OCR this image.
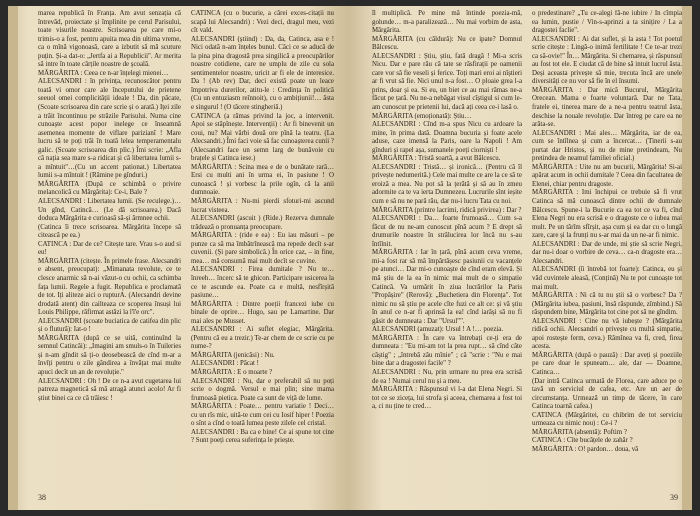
marea republică în Franța. Am avut senzația că întrevăd, proiectate și împlinite pe cerul Parisului, toate visurile noastre. Scrisoarea pe care mi-o trimis-o a fost, pentru apuita mea din ultima vreme, ca o mînă vigonoasă, care a izbutit să mă scuture puțin. Și-a dat-o: „Jertfa ai a Republicii". Ar merita să intre în toate cărțile noastre de școală.

MĂRGĂRITA : Ceea ce n-ar înțelegi mienei…

ALECSANDRI : în privința, recunoscător pentru toată vi omor care ale începutului de prietene seeuol omei complicității ideale ! Da, din păcate, (Scoate scrisoarea din care scrie și o arată.) Iței zile a trăit încontinuu pe străzile Parisului. Numa cine cunoaște acest popor inelege ce înseamnă asemenea momente de viflare parizianî ! Mare lucru să te poți trăi în toată lelea temperamentalu galic. (Scoate scrisoarea din plic.) Îmi scrie: „Afla că nația sea mare s-a ridicat și că libertatea lumii s-a mîntuit"…(Cu un accent pationat.) Libertatea lumii s-a mîntuit ! (Rămine pe gînduri.)

MĂRGĂRITA (După ce schimbă o privire melancolică cu Mărgărita): Ce-i, Bale ?

ALECSANDRI : Libertatea lumii. (Se reculege.)… Un gînd, Catincă… (Le dă scrisoarea.) Dacă doduca Mărgărita e curioasă să-și ărmnee ochii.

(Catinca îi trece scrisoarea. Mărgărita începe să citească pe ea.)

CATINCA : Dar de ce? Citește tare. Vrau s-o aud si eu!

MĂRGĂRITA (citește. În primele frase. Alecsandri e absent, preocupat): „Mimanata revolute, ce te clesce anarmic să n-ai văzut-o cu ochii, ca schimba fața lumii. Regele a fugit. Republica e proclamată de tot. Iți aliteze aici o rupturA. (Alecsandri devine drodată atent) din cailteaza ce scoperea însuși lui Louis Philippe, răfirmat astăzi la l'l'e orc".

ALECSANDRI (scoate buciatica de catifea din plic și o flutură): Iat-o !

MĂRGĂRITA (după ce se uită, continuînd la semnul Catincăi): „Imagini am smuls-o în Tuileries și n-am gîndit să ți-o deosebească de cînd m-ar a învîți pentru o zile gândirea a învățat mai multe apuci decît un an de revoluție."

ALECSANDRI : Oh ! De ce n-a avut cugetarea lui patreza magnetică să mă atragă atunci acolo! Ar fi știut binei ca ce că trăiesc !

CATINCA (cu o bucurie, a cărei exces-citații nu scapă lui Alecsandri) : Vezi deci, dragul meu, vezi cît vald.

ALECSANDRI (știind) : Da, da, Catinca, asa e ! Nici odată n-am înțeles bunul. Căci ce se aducă de la pina pina dragostă prea singilică a preocupărilor noastre cotidiene, care ne umplu de zile cu sola sentimentelor noastre, uricit ar fi ele de interesice. Da ! (Ab rev) Dar, deci există poate un leace împotriva durerilor, atitu-le : Credința în politică (Cu un entuziasm reînnoit), cu o ambițiunii!… ăsta e singurul ! (O tăcere stingheriă.)

CATINCA (a rămas privind la joc, a intervenit. Apoi se stăpînește. Intervenții) : Ar fi binevenit un coui, nu? Mai vărbi două ore pînă la teatru. (La Alecsandri.) Îmi faci voie să fac cunoașterea cunii ?

(Alecsandri face un semn larg de bunăvoie cu brațele și Catinca iese.)

MĂRGĂRITA : Scina mea e de o bunătate rară… Ersi cu multi ani în urma ei, în pasiune ! O cunoască ! și vorbesc la prile ogîn, că la anii dumnoaie.

MĂRGĂRITA : Nu-mi pierdi sfoturi-mi ascund lucrat visteea.

ALECSANDRI (ascuit ) (Ride.) Rezerva dumnale trădează o pronuanța preocupare.

MĂRGĂRITA : (ride e ea) : Eu iau măsuri – pe punze ca să ma îmbătrînească ma repede decît s-ar cuvenii. (Și pare simbolică.) În orice caz, – in fine, mea… mă consumă mai mult decît se cuvine.

ALECSANDRI : Firea dumitale ? Nu te… înreeh… încerc să te ghicon. Participare usicerea la ce te ascunde ea. Poate ca e multă, nesfîrșită pasiune…

MĂRGĂRITA : Dintre poeții francezi iube cu binale de oprire… Hugo, sau pe Lamartine. Dar mai ales pe Musset.

ALECSANDRI : Ai suflet elegiac, Mărgărita. (Pentru că eu a trezir.) Te-ar chem de ce scrie cu pe nume-?

MĂRGĂRITA (jenicăsi) : Nu.

ALECSANDRI : Păcat !

MĂRGĂRITA : E o moarte ?

ALECSANDRI : Nu, dar e preferabil să nu poți scrie o dogmă. Versul e mai plin; sine mama frumoasă pietica. Poate ca sunt de viță de lume.

MĂRGĂRITA : Poate… pentru variatie ! Deci… cu un rîs mic, uită-te cum cei cu Iosif hiper ! Poezia o sînt a cînd o toată lumea peste zilele cel cristal.

ALECSANDRI : Ba ca e bine! Ce ai spune tot cine ? Sunt poeți cerea suferința le priește.

38

îl multiplică. Pe mine mă întinde poezia-mă, golunde… m-a paralizează… Nu mai vorbim de asta, Mărgărita.

MĂRGĂRITA (cu căldură): Nu ce ipate? Domnul Bălcescu.

ALECSANDRI : Știu, știu, fată dragă ! Mi-a scris Nicu. Dar e pare rău că tate se răsfirații pe oamenii care vor să fie veseli și ferice. Toți mari eroi ai nîștieri ar fi vrut să fie. Nici unul n-a fost… O ploaie grea l-a prins, doar și ea. Si eu, un biet ce au mai rămas ne-a făcut pe țară. Nu ne-a nebăgat visul cîștigul si cum le-am cunoscut pe prietenii lui, dacă ați ceea ce-i lasă o.

MĂRGĂRITA (emoționată): Știu…

ALECSANDRI : Cînd m-a spus Nicu cu ardoare la mine, în prima dată. Doamna bucuria și foate acele aduse, caze imensă la Paris, oare la Napoli ! Am gînduri și rapel așa, sumanele poeți ciorniști !

MĂRGĂRITA : Tristă soartă, a avut Bălcescu.

ALECSANDRI : Tristă… și ironică… (Pentru că îl privește nedumerită.) Cele mai multe ce are la ce să te eroiză a mea. Nu pot să la țerătă și să au în zmeu adormite ca te va ierta Dumnezeu. Lucrurile sînt ieșite cum e să nu ne pară rău, dar nu-i lucru Tata cu noi.

MĂRGĂRITA (printre lacrimi, ridică privirea) : Dar ?

ALECSANDRI : Da… foarte frumoasă… Cum s-a făcut de nu ne-am cunoscut pînă acum ? E drept să drumurile noastre în strălucirea lor încă nu s-au întîlnit.

MĂRGĂRITA : Iar în țară, pînă acum ceva vreme, mi-a fost rar să mă împărtășesc pasiunii cu vacanțele pe atunci… Dar mi-o cunoaște de cînd eram elevă. Și mă știu de la ea în nimic mai mult de o simpatie Catincă. Va urmărit în ziua lucrărilor la Paris "Propășire" (Rerovă): „Buchetiera din Florența". Tot nimic nu să știu pe acele cîte fuzi ce alt ce: și vă știu în anul ce n-ar fi aprinsă la ea! cînd iarăși să nu fi găsit de dumneata : Dar "Ursul"".

ALECSANDRI (amuzat): Ursul ! A !… poezia.

MĂRGĂRITA : În care va întrebați ce-ți era de dumneata : "Eu mi-am tot la prea rupt… să cînd câte câștig" ; „întrebă zău mînie" ; că "scrie : "Nu e mai bine dar a dragostei facile" ?

ALECSANDRI : Nu, prin urmare nu prea era scrisă de ea ! Numai cerul nu și a meu.

MĂRGĂRITA : Răspunsul vi l-a dat Elena Negri. Si tot ce se ziceța, lui strofa și aceea, chemarea a fost toi a, ci nu ține te cred…

o predestinare? „Tu ce-alegi fă-ne iubire / În cîmpia ea lumin, pustie / Vin-s-aprinzi a ta sinițire / La a dragostei faclie".

ALECSANDRI : Ai dat suflet, și la asta ! Tot poetul scrie citește : Lingă-o inimă fertilitate ! Ce te-ar trezi ca să-ovie!" În… Mărgărita. Si chemarea, și răspunsul au fost tot ele. E ciudat că de bine să intuit lucrul ăsta. Deși aceasta privește să mie, trecuta încă are unele diversități ce nu vor să fie în el însumi.

MĂRGĂRITA : Dar mică Bucurul, Mărgărita Orecean. Mama e foarte voluntară. Dar ne Tata, fratele ei, tinerea mare de a ne-a pentru teatrul ăsta, deschise la nouale revoluție. Dar întreg pe care ea ne arăta-se.

ALECSANDRI : Mai ales… Mărgărita, iar de ea, cum se întîlnea și cum a încercat… (Tinerii s-au purtat dar Hristos, și nu de mine pretindeam, Nu pretindea de neamul familiei oficial.)

MĂRGĂRITA : Uite nu am bucurii, Mărgărita! Si-ai apărat acum in ochii dumitale ? Ceea din facultatea de Elenei, chiar pentru dragoste.

MĂRGĂRITA : Imi închipui ce trebuie să fi vrut Catinca să mă cunoască dintre ochii de dumnale Bălcescu. Spune-i la Bucurie ca ea tot ce va fi, cînd Elena Negri nu era scrisă e o dragoste ce o iubea mai mult. Pe un tărîm sfîrșit, așa cum și ea dar cu o lungă zare, care și la frunți nu s-ar mai da un ne-ar fi nimic.

ALECSANDRI : Dar de unde, mi știe să scrie Negri, dar nu-i doar o vorbire de ceva… ca-n dragoste era… Alecsandri.

ALECSANDRI (îi întrebă tot foarte): Catinca, eu și văd cuvintele aleasă, (Conțină) Nu te pot cunoaște tot mai mult.

MĂRGĂRITA : Ni că tu nu știi să o vorbesc? Da ? (Mărgărita iubea, pasiuni, însă răspunde, zîmbind.) Să răspundem bine, Mărgărita tot cine pot să ne gîndim.

ALECSANDRI : Cine nu vă iubește ? (Mărgărita ridică ochii. Alecsandri o privește cu multă simpatie, apoi rostește ferm, ceva.) Rămînea va fi, cred, firea acesta.

MĂRGĂRITA (după o pauză) : Dar aveți și poeziile pe care doar le spuneam… ale, dar — Doamne, Catinca…

(Dar intră Catinca urmată de Florea, care aduce pe o tavă un serviciul de cafea, etc. Are un aer de circumstanța. Urmează un timp de tăcere, în care Catinca toarnă cafea.)

CATINCA (Mărgăritei, cu chibrim de tot serviciu urmeaza cu nimic nou) : Ce-i ?

MĂRGĂRITA (absentă): Poftim ?

CATINCA : Cîte bucățele de zahăr ?

MĂRGĂRITA : O! pardon… doua, vă

39
